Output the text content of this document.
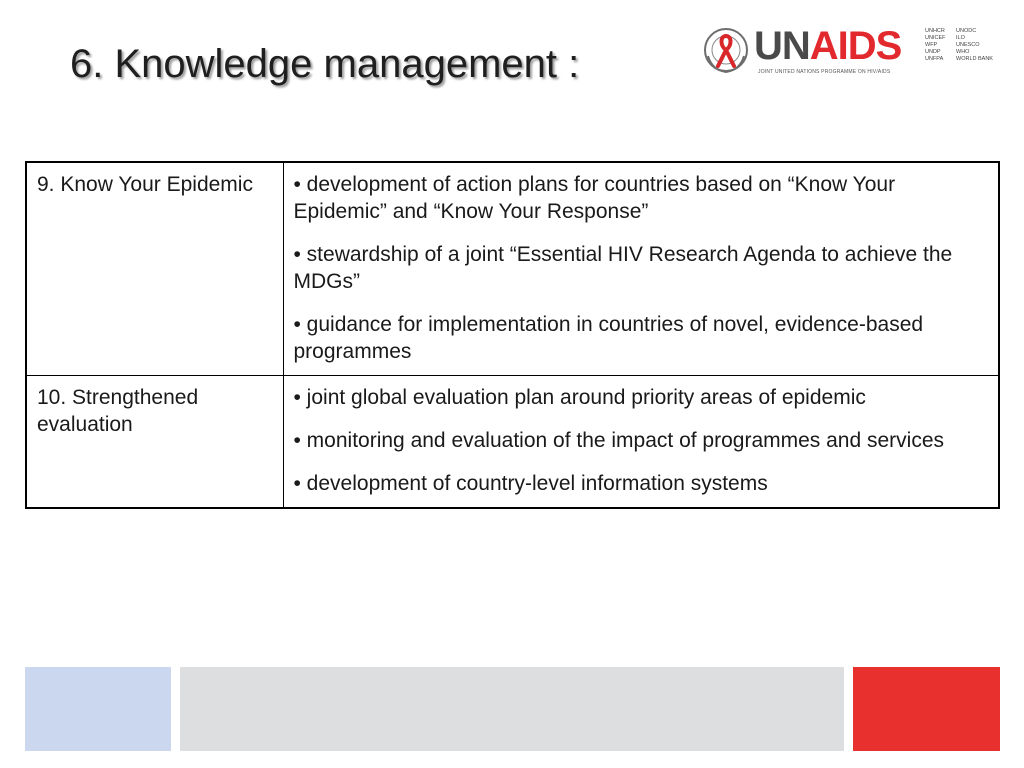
6. Knowledge management :	UNAIDS
JOINT UNITED NATIONS PROGRAMME ON HIV/AIDS
UNHCR
UNICEF
WFP
UNDP
UNFPA
UNODC
ILO
UNESCO
WHO
WORLD BANK
9. Know Your Epidemic	• development of action plans for countries based on “Know Your Epidemic” and “Know Your Response”
• stewardship of a joint “Essential HIV Research Agenda to achieve the MDGs”
• guidance for implementation in countries of novel, evidence-based programmes

10. Strengthened evaluation	• joint global evaluation plan around priority areas of epidemic
• monitoring and evaluation of the impact of programmes and services
• development of country-level information systems
